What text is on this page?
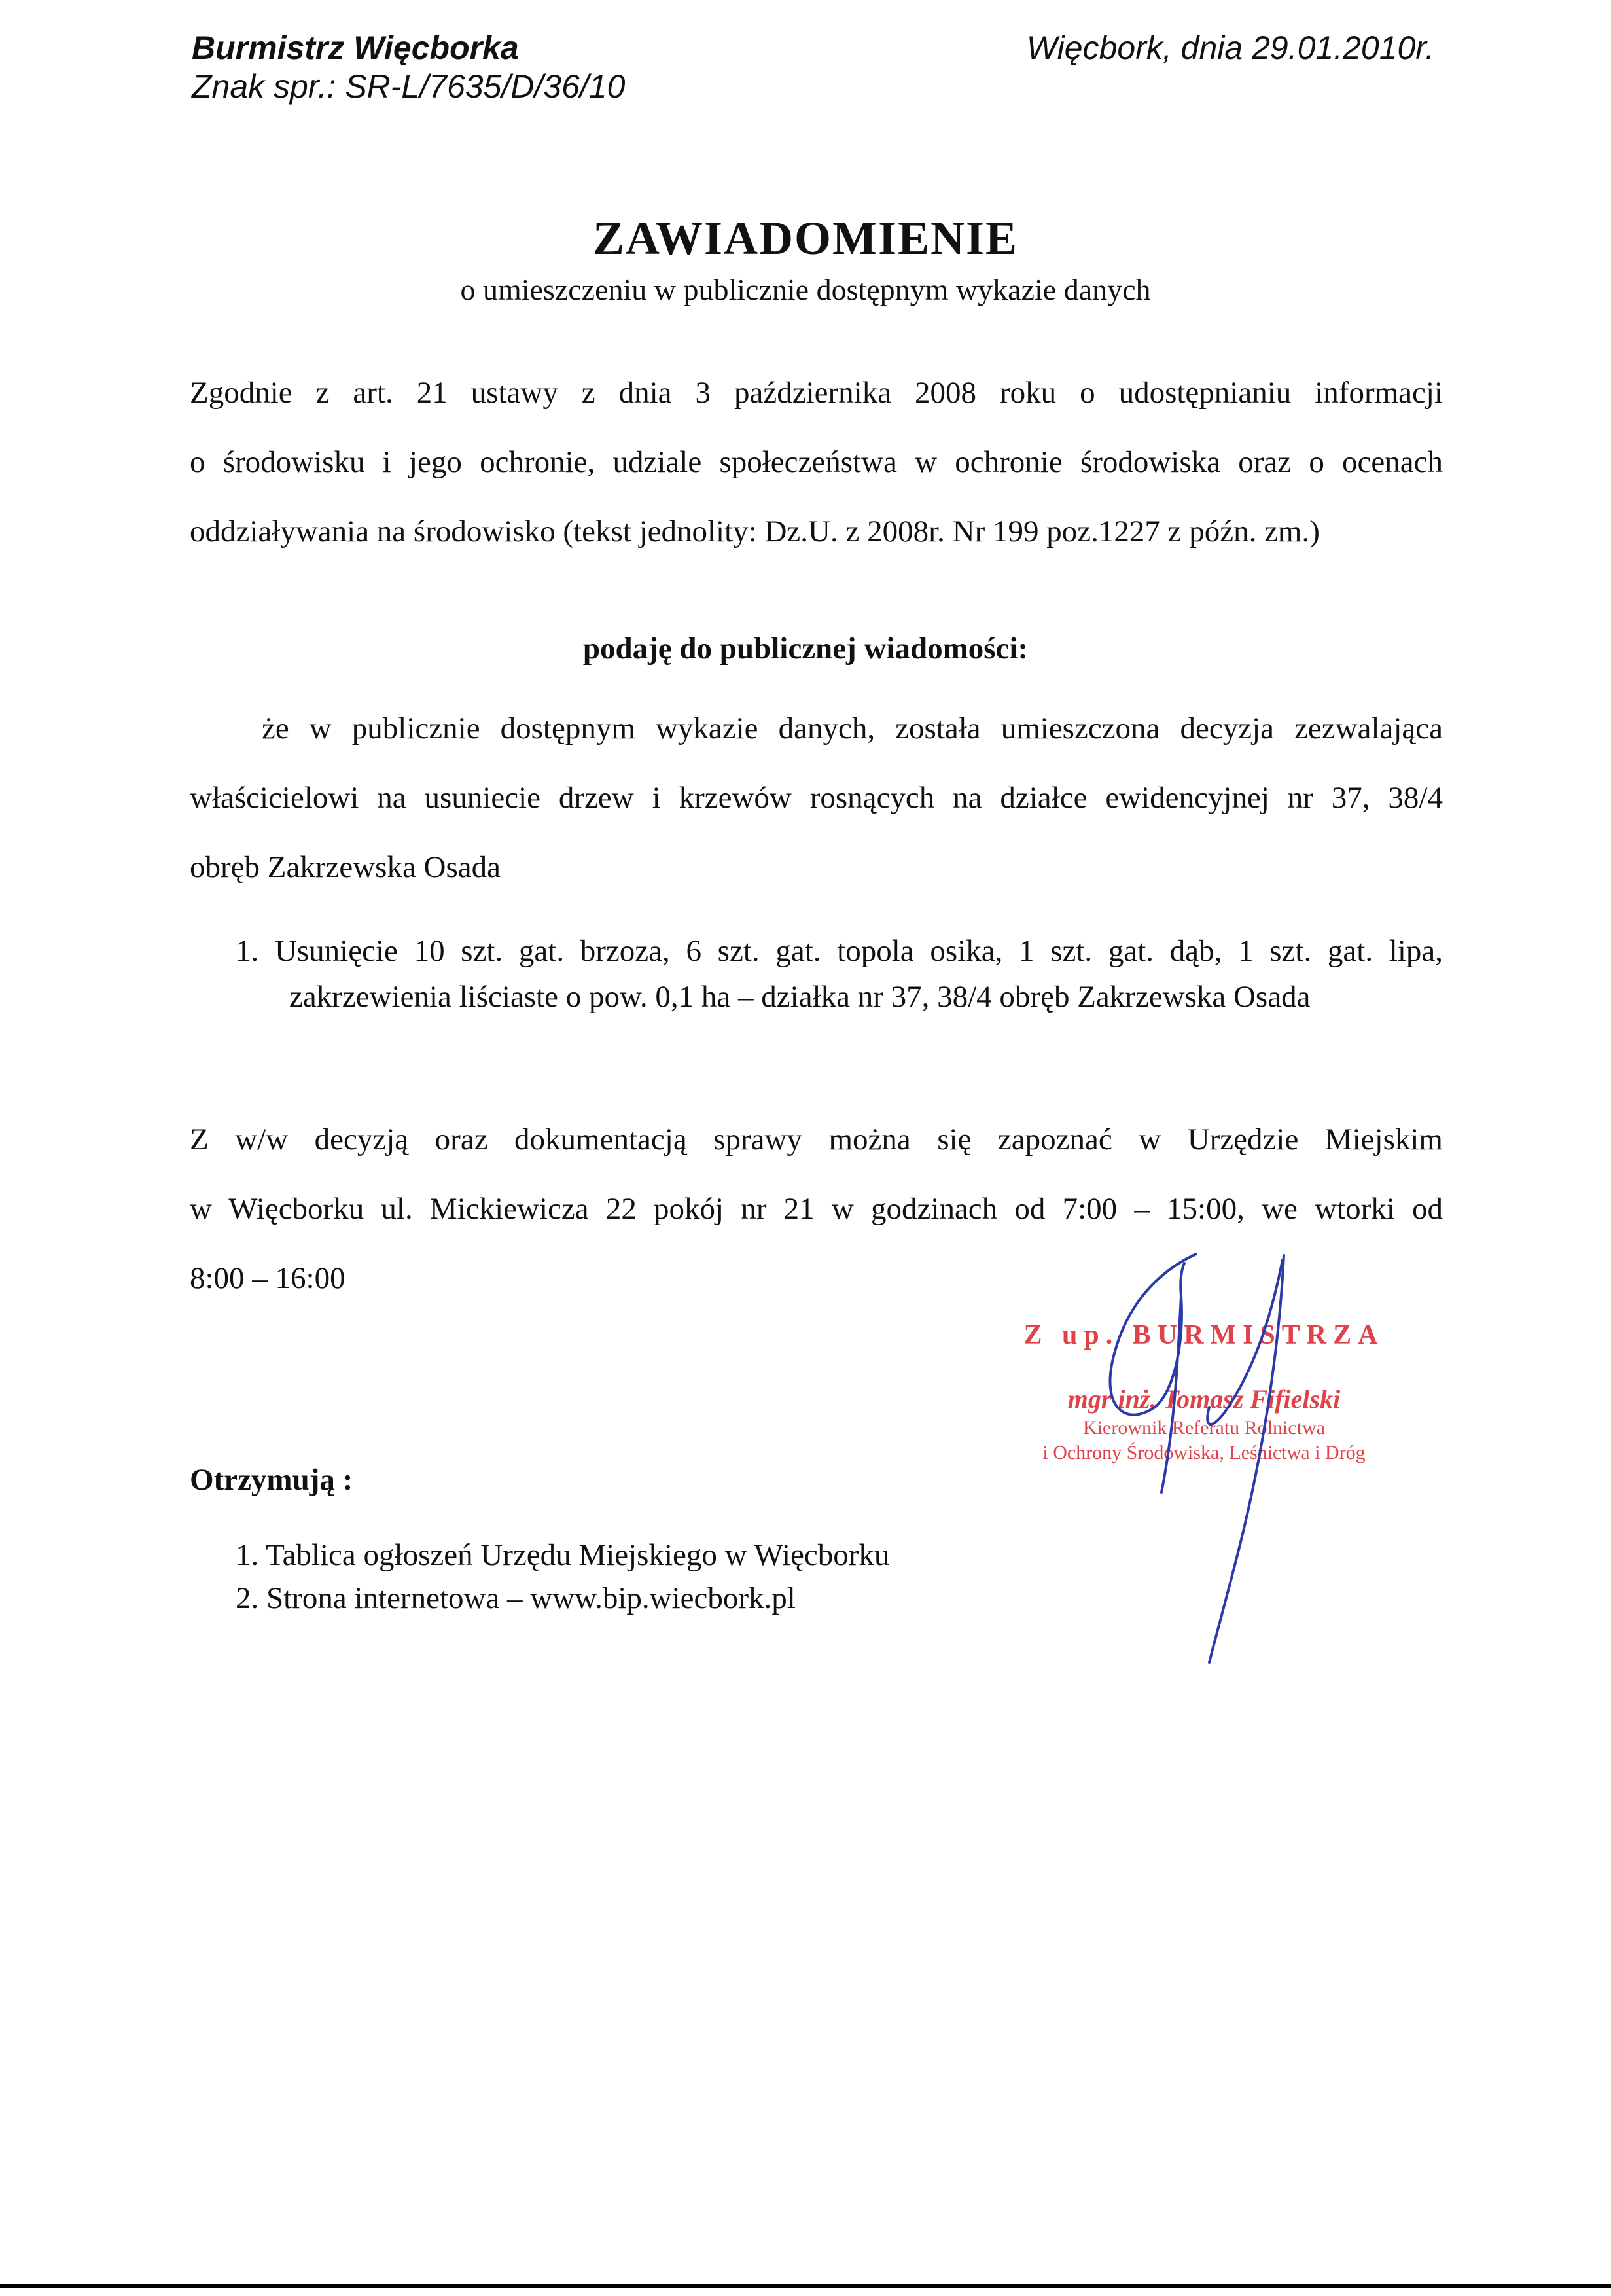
Burmistrz Więcborka
Znak spr.: SR-L/7635/D/36/10
Więcbork, dnia 29.01.2010r.
ZAWIADOMIENIE
o umieszczeniu w publicznie dostępnym wykazie danych
Zgodnie z art. 21 ustawy z dnia 3 października 2008 roku o udostępnianiu informacji
o środowisku i jego ochronie, udziale społeczeństwa w ochronie środowiska oraz o ocenach
oddziaływania na środowisko (tekst jednolity: Dz.U. z 2008r. Nr 199 poz.1227 z późn. zm.)
podaję do publicznej wiadomości:
że w publicznie dostępnym wykazie danych, została umieszczona decyzja zezwalająca
właścicielowi na usuniecie drzew i krzewów rosnących na działce ewidencyjnej nr 37, 38/4
obręb Zakrzewska Osada
1. Usunięcie 10 szt. gat. brzoza, 6 szt. gat. topola osika, 1 szt. gat. dąb, 1 szt. gat. lipa,
zakrzewienia liściaste o pow. 0,1 ha – działka nr 37, 38/4 obręb Zakrzewska Osada
Z w/w decyzją oraz dokumentacją sprawy można się zapoznać w Urzędzie Miejskim
w Więcborku ul. Mickiewicza 22 pokój nr 21 w godzinach od 7:00 – 15:00, we wtorki od
8:00 – 16:00
Z up. BURMISTRZA
mgr inż. Tomasz Fifielski
Kierownik Referatu Rolnictwa
i Ochrony Środowiska, Leśnictwa i Dróg
Otrzymują :
1. Tablica ogłoszeń Urzędu Miejskiego w Więcborku
2. Strona internetowa – www.bip.wiecbork.pl
